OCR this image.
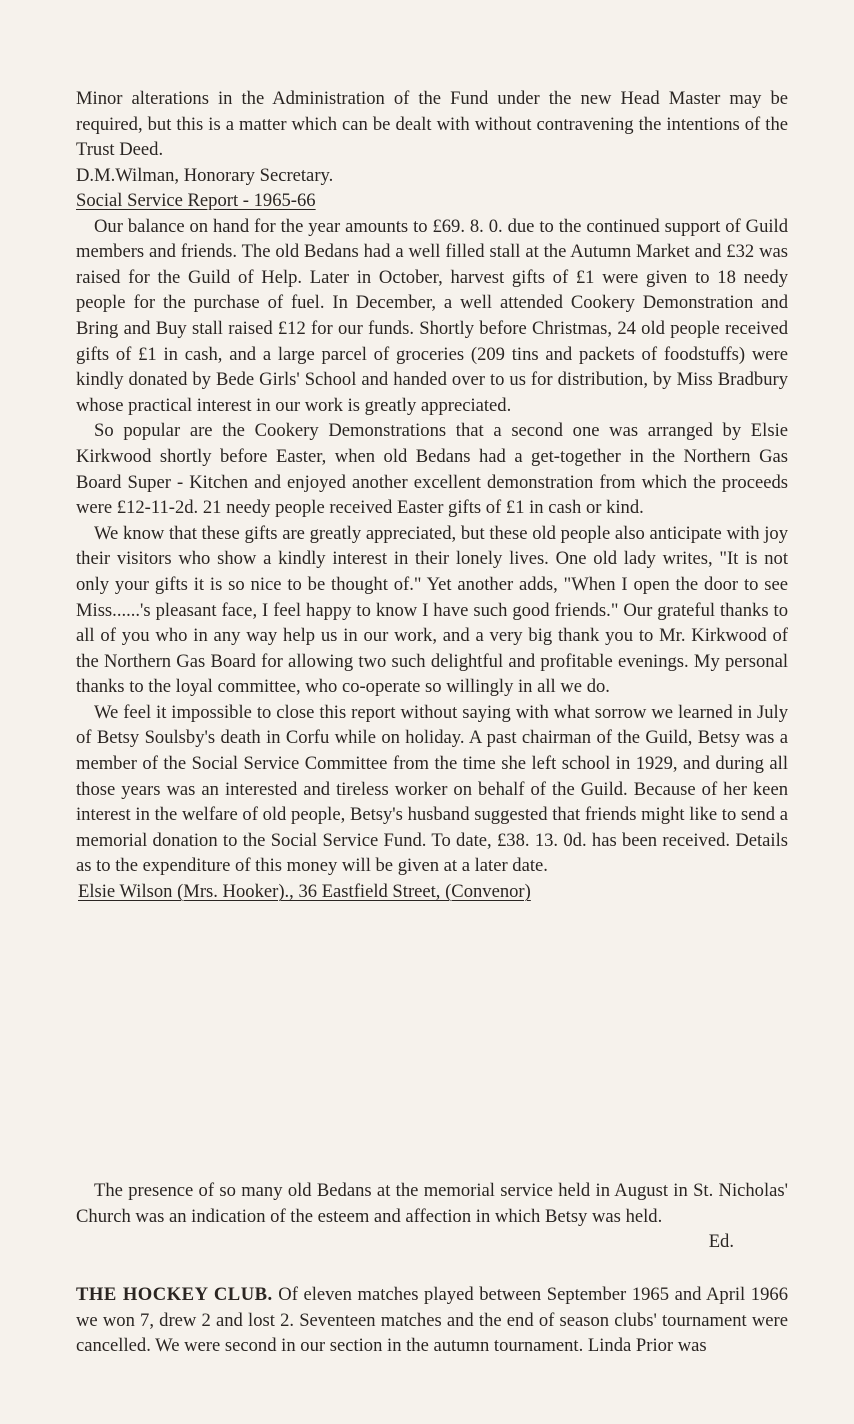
Minor alterations in the Administration of the Fund under the new Head Master may be required, but this is a matter which can be dealt with without contravening the intentions of the Trust Deed.

D.M.Wilman, Honorary Secretary.

Social Service Report - 1965-66

Our balance on hand for the year amounts to £69. 8. 0. due to the continued support of Guild members and friends. The old Bedans had a well filled stall at the Autumn Market and £32 was raised for the Guild of Help. Later in October, harvest gifts of £1 were given to 18 needy people for the purchase of fuel. In December, a well attended Cookery Demonstration and Bring and Buy stall raised £12 for our funds. Shortly before Christmas, 24 old people received gifts of £1 in cash, and a large parcel of groceries (209 tins and packets of foodstuffs) were kindly donated by Bede Girls' School and handed over to us for distribution, by Miss Bradbury whose practical interest in our work is greatly appreciated.

So popular are the Cookery Demonstrations that a second one was arranged by Elsie Kirkwood shortly before Easter, when old Bedans had a get-together in the Northern Gas Board Super - Kitchen and enjoyed another excellent demonstration from which the proceeds were £12-11-2d. 21 needy people received Easter gifts of £1 in cash or kind.

We know that these gifts are greatly appreciated, but these old people also anticipate with joy their visitors who show a kindly interest in their lonely lives. One old lady writes, "It is not only your gifts it is so nice to be thought of." Yet another adds, "When I open the door to see Miss......'s pleasant face, I feel happy to know I have such good friends." Our grateful thanks to all of you who in any way help us in our work, and a very big thank you to Mr. Kirkwood of the Northern Gas Board for allowing two such delightful and profitable evenings. My personal thanks to the loyal committee, who co-operate so willingly in all we do.

We feel it impossible to close this report without saying with what sorrow we learned in July of Betsy Soulsby's death in Corfu while on holiday. A past chairman of the Guild, Betsy was a member of the Social Service Committee from the time she left school in 1929, and during all those years was an interested and tireless worker on behalf of the Guild. Because of her keen interest in the welfare of old people, Betsy's husband suggested that friends might like to send a memorial donation to the Social Service Fund. To date, £38. 13. 0d. has been received. Details as to the expenditure of this money will be given at a later date.

Elsie Wilson (Mrs. Hooker)., 36 Eastfield Street, (Convenor)

The presence of so many old Bedans at the memorial service held in August in St. Nicholas' Church was an indication of the esteem and affection in which Betsy was held.

Ed.

THE HOCKEY CLUB. Of eleven matches played between September 1965 and April 1966 we won 7, drew 2 and lost 2. Seventeen matches and the end of season clubs' tournament were cancelled. We were second in our section in the autumn tournament. Linda Prior was
